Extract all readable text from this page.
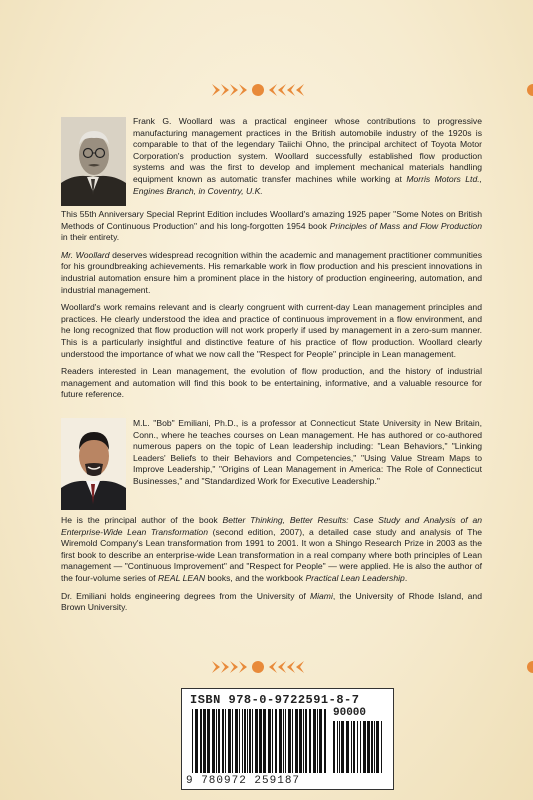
Frank G. Woollard was a practical engineer whose contributions to progressive manufacturing management practices in the British automobile industry of the 1920s is comparable to that of the legendary Taiichi Ohno, the principal architect of Toyota Motor Corporation's production system. Woollard successfully established flow production systems and was the first to develop and implement mechanical materials handling equipment known as automatic transfer machines while working at Morris Motors Ltd., Engines Branch, in Coventry, U.K.

This 55th Anniversary Special Reprint Edition includes Woollard's amazing 1925 paper "Some Notes on British Methods of Continuous Production" and his long-forgotten 1954 book Principles of Mass and Flow Production in their entirety.

Mr. Woollard deserves widespread recognition within the academic and management practitioner communities for his groundbreaking achievements. His remarkable work in flow production and his prescient innovations in industrial automation ensure him a prominent place in the history of production engineering, automation, and industrial management.

Woollard's work remains relevant and is clearly congruent with current-day Lean management principles and practices. He clearly understood the idea and practice of continuous improvement in a flow environment, and he long recognized that flow production will not work properly if used by management in a zero-sum manner. This is a particularly insightful and distinctive feature of his practice of flow production. Woollard clearly understood the importance of what we now call the "Respect for People" principle in Lean management.

Readers interested in Lean management, the evolution of flow production, and the history of industrial management and automation will find this book to be entertaining, informative, and a valuable resource for future reference.

M.L. "Bob" Emiliani, Ph.D., is a professor at Connecticut State University in New Britain, Conn., where he teaches courses on Lean management. He has authored or co-authored numerous papers on the topic of Lean leadership including: "Lean Behaviors," "Linking Leaders' Beliefs to their Behaviors and Competencies," "Using Value Stream Maps to Improve Leadership," "Origins of Lean Management in America: The Role of Connecticut Businesses," and "Standardized Work for Executive Leadership."

He is the principal author of the book Better Thinking, Better Results: Case Study and Analysis of an Enterprise-Wide Lean Transformation (second edition, 2007), a detailed case study and analysis of The Wiremold Company's Lean transformation from 1991 to 2001. It won a Shingo Research Prize in 2003 as the first book to describe an enterprise-wide Lean transformation in a real company where both principles of Lean management — "Continuous Improvement" and "Respect for People" — were applied. He is also the author of the four-volume series of REAL LEAN books, and the workbook Practical Lean Leadership.

Dr. Emiliani holds engineering degrees from the University of Miami, the University of Rhode Island, and Brown University.

ISBN 978-0-9722591-8-7
90000
9 780972 259187
